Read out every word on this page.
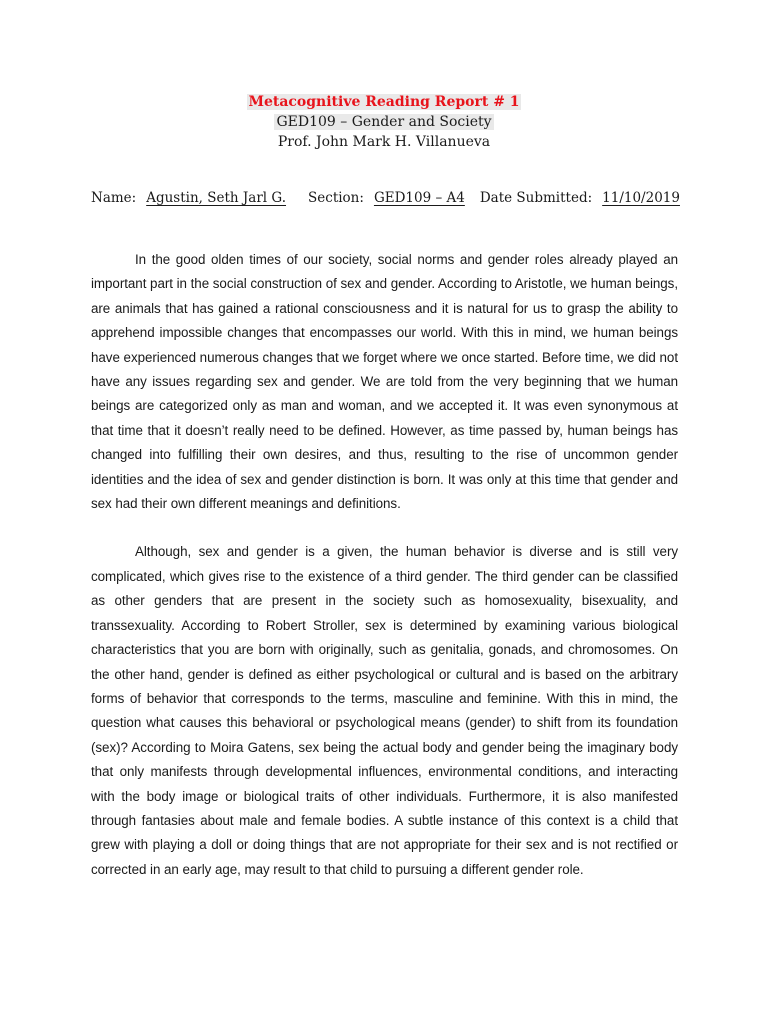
Metacognitive Reading Report # 1
GED109 – Gender and Society
Prof. John Mark H. Villanueva
Name: Agustin, Seth Jarl G. Section: GED109 – A4 Date Submitted: 11/10/2019

In the good olden times of our society, social norms and gender roles already played an important part in the social construction of sex and gender. According to Aristotle, we human beings, are animals that has gained a rational consciousness and it is natural for us to grasp the ability to apprehend impossible changes that encompasses our world. With this in mind, we human beings have experienced numerous changes that we forget where we once started. Before time, we did not have any issues regarding sex and gender. We are told from the very beginning that we human beings are categorized only as man and woman, and we accepted it. It was even synonymous at that time that it doesn’t really need to be defined. However, as time passed by, human beings has changed into fulfilling their own desires, and thus, resulting to the rise of uncommon gender identities and the idea of sex and gender distinction is born. It was only at this time that gender and sex had their own different meanings and definitions.

Although, sex and gender is a given, the human behavior is diverse and is still very complicated, which gives rise to the existence of a third gender. The third gender can be classified as other genders that are present in the society such as homosexuality, bisexuality, and transsexuality. According to Robert Stroller, sex is determined by examining various biological characteristics that you are born with originally, such as genitalia, gonads, and chromosomes. On the other hand, gender is defined as either psychological or cultural and is based on the arbitrary forms of behavior that corresponds to the terms, masculine and feminine. With this in mind, the question what causes this behavioral or psychological means (gender) to shift from its foundation (sex)? According to Moira Gatens, sex being the actual body and gender being the imaginary body that only manifests through developmental influences, environmental conditions, and interacting with the body image or biological traits of other individuals. Furthermore, it is also manifested through fantasies about male and female bodies. A subtle instance of this context is a child that grew with playing a doll or doing things that are not appropriate for their sex and is not rectified or corrected in an early age, may result to that child to pursuing a different gender role.
